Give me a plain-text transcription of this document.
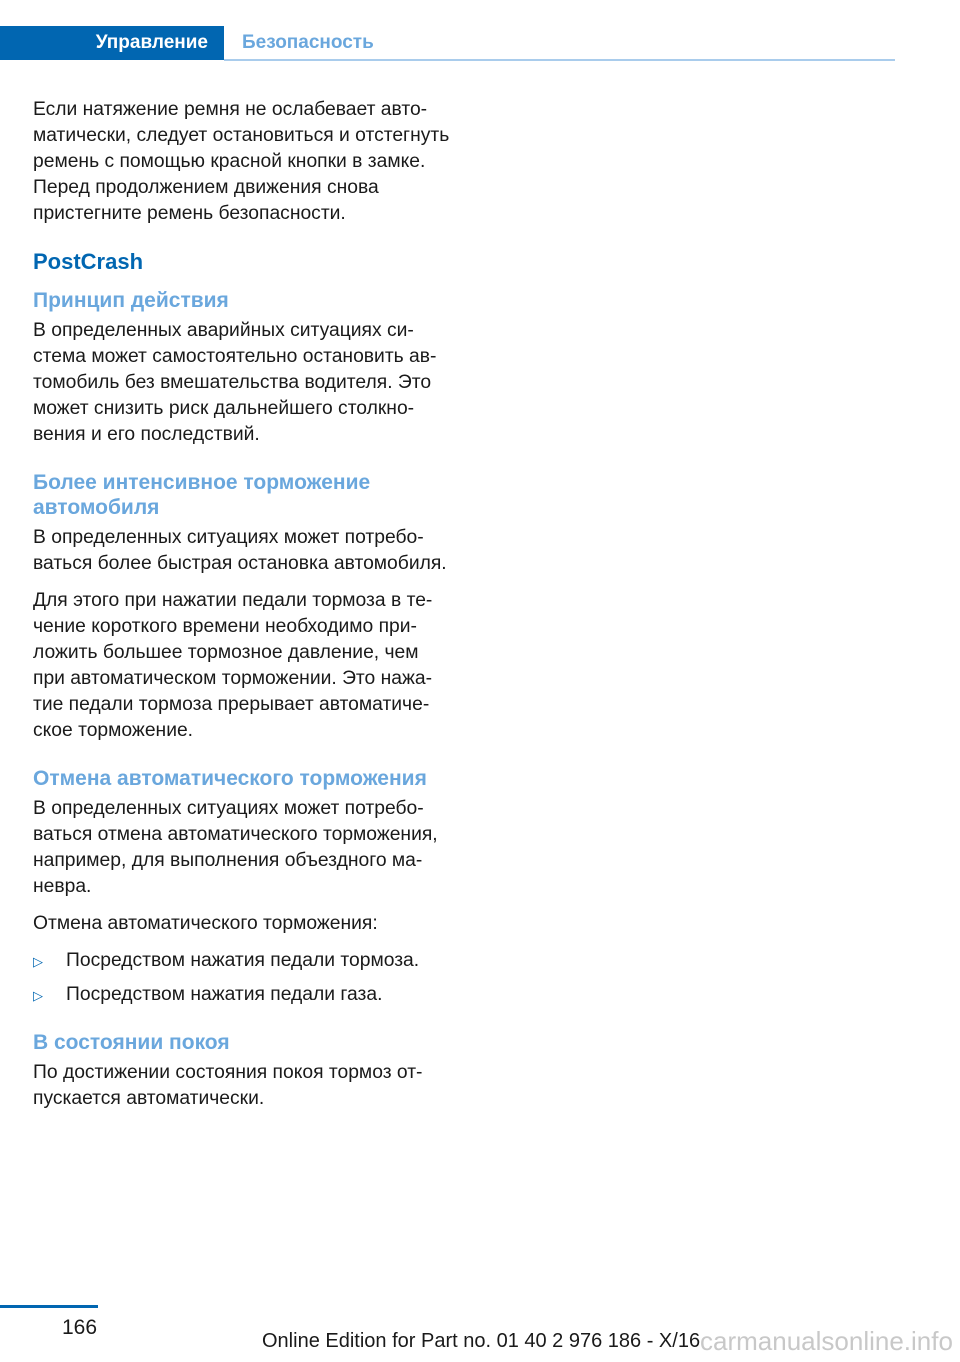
Управление	Безопасность

Если натяжение ремня не ослабевает автоматически, следует остановиться и отстегнуть ремень с помощью красной кнопки в замке. Перед продолжением движения снова пристегните ремень безопасности.

PostCrash
Принцип действия

В определенных аварийных ситуациях система может самостоятельно остановить автомобиль без вмешательства водителя. Это может снизить риск дальнейшего столкновения и его последствий.

Более интенсивное торможение автомобиля

В определенных ситуациях может потребоваться более быстрая остановка автомобиля.

Для этого при нажатии педали тормоза в течение короткого времени необходимо приложить большее тормозное давление, чем при автоматическом торможении. Это нажатие педали тормоза прерывает автоматическое торможение.

Отмена автоматического торможения

В определенных ситуациях может потребоваться отмена автоматического торможения, например, для выполнения объездного маневра.

Отмена автоматического торможения:

▷ Посредством нажатия педали тормоза.
▷ Посредством нажатия педали газа.
В состоянии покоя

По достижении состояния покоя тормоз отпускается автоматически.

166
Online Edition for Part no. 01 40 2 976 186 - X/16 carmanualsonline.info
